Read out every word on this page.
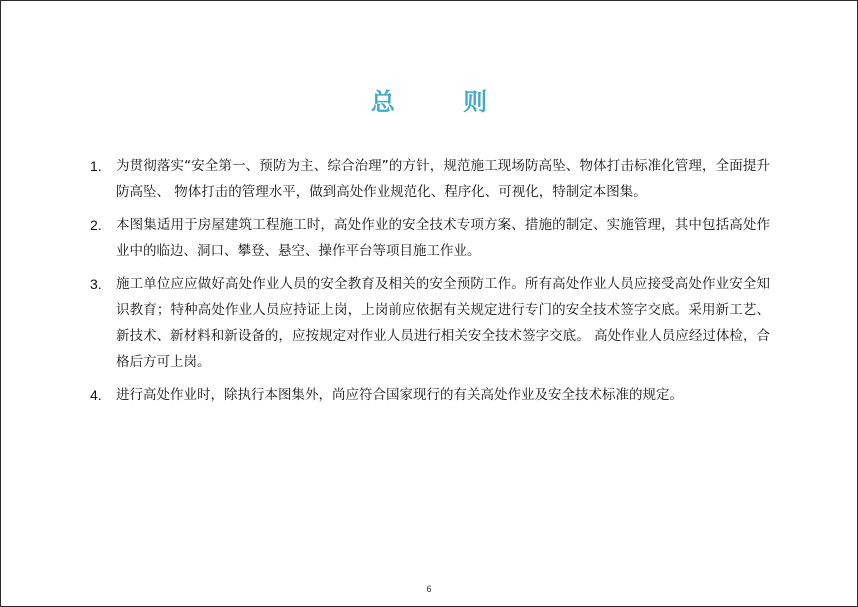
总 则
1.	为贯彻落实“安全第一、预防为主、综合治理”的方针，规范施工现场防高坠、物体打击标准化管理，全面提升防高坠、 物体打击的管理水平，做到高处作业规范化、程序化、可视化，特制定本图集。
2.	本图集适用于房屋建筑工程施工时，高处作业的安全技术专项方案、措施的制定、实施管理，其中包括高处作业中的临边、洞口、攀登、悬空、操作平台等项目施工作业。
3.	施工单位应应做好高处作业人员的安全教育及相关的安全预防工作。所有高处作业人员应接受高处作业安全知识教育；特种高处作业人员应持证上岗，上岗前应依据有关规定进行专门的安全技术签字交底。采用新工艺、新技术、新材料和新设备的，应按规定对作业人员进行相关安全技术签字交底。 高处作业人员应经过体检，合格后方可上岗。
4.	进行高处作业时，除执行本图集外，尚应符合国家现行的有关高处作业及安全技术标准的规定。
6
